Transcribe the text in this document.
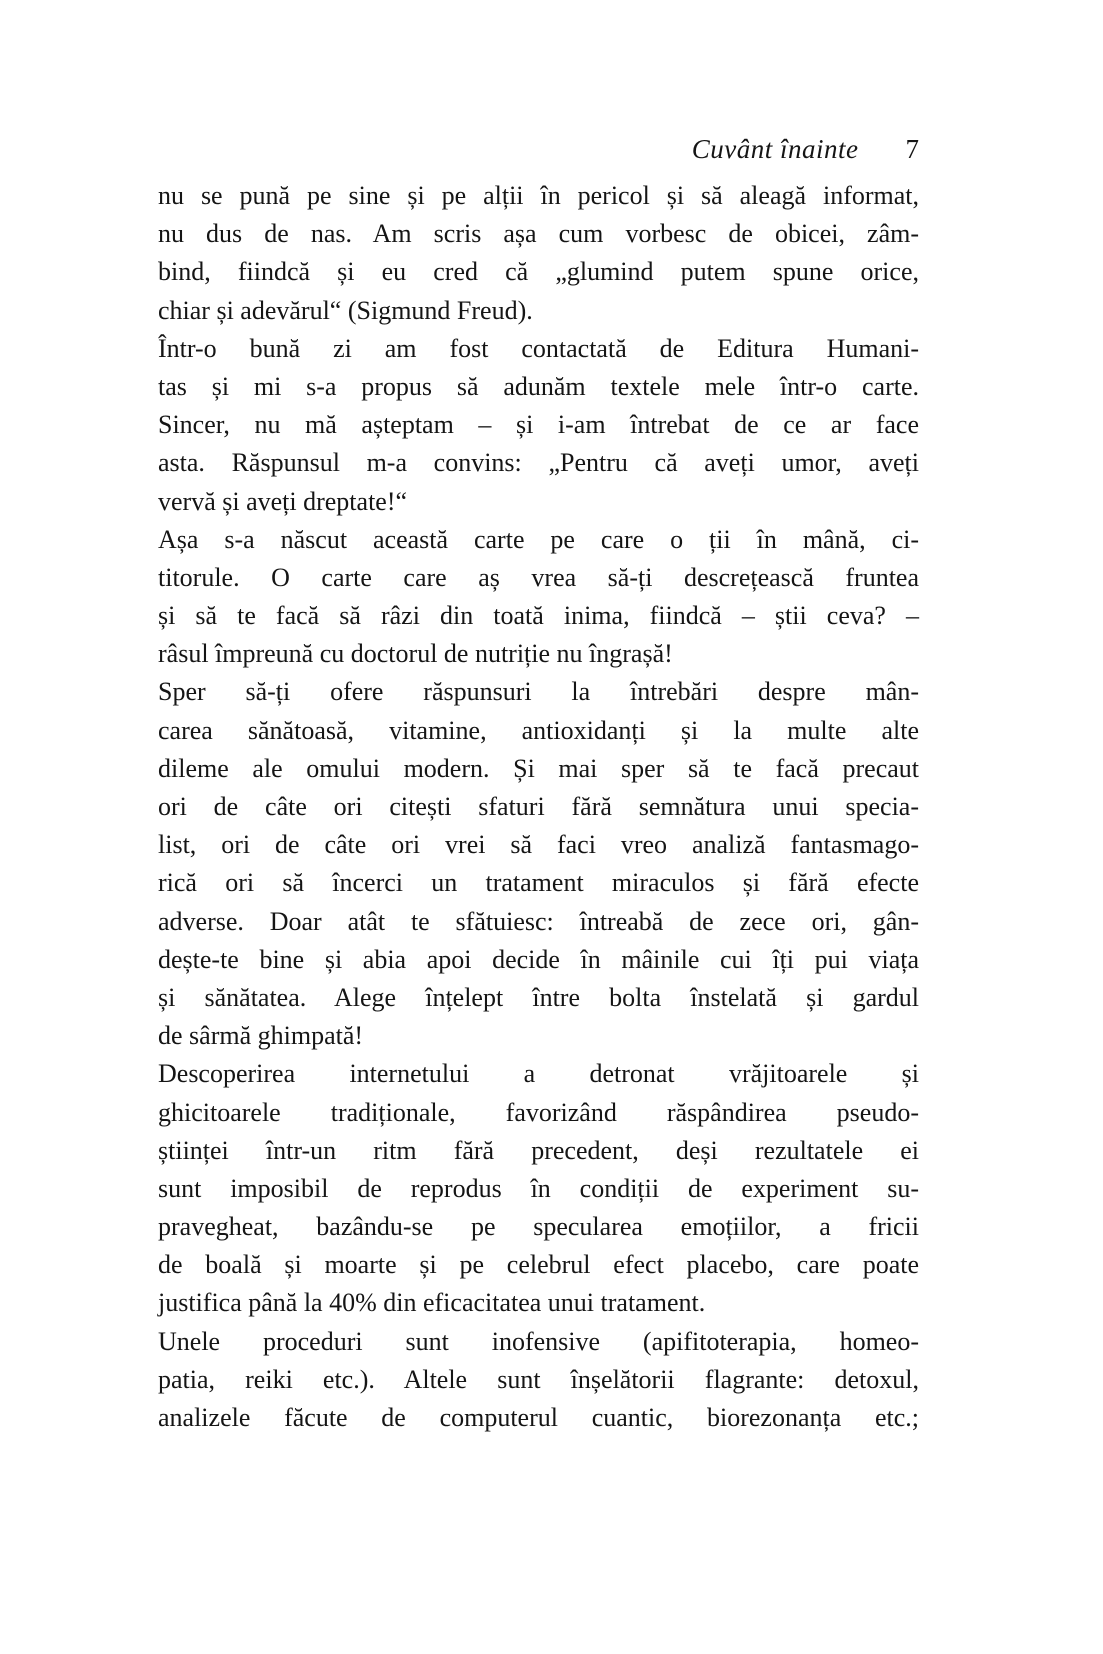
Cuvânt înainte 7
nu se pună pe sine și pe alții în pericol și să aleagă informat,
nu dus de nas. Am scris așa cum vorbesc de obicei, zâm-
bind, fiindcă și eu cred că „glumind putem spune orice,
chiar și adevărul“ (Sigmund Freud).
Într-o bună zi am fost contactată de Editura Humani-
tas și mi s-a propus să adunăm textele mele într-o carte.
Sincer, nu mă așteptam – și i-am întrebat de ce ar face
asta. Răspunsul m-a convins: „Pentru că aveți umor, aveți
vervă și aveți dreptate!“
Așa s-a născut această carte pe care o ții în mână, ci-
titorule. O carte care aș vrea să-ți descrețească fruntea
și să te facă să râzi din toată inima, fiindcă – știi ceva? –
râsul împreună cu doctorul de nutriție nu îngrașă!
Sper să-ți ofere răspunsuri la întrebări despre mân-
carea sănătoasă, vitamine, antioxidanți și la multe alte
dileme ale omului modern. Și mai sper să te facă precaut
ori de câte ori citești sfaturi fără semnătura unui specia-
list, ori de câte ori vrei să faci vreo analiză fantasmago-
rică ori să încerci un tratament miraculos și fără efecte
adverse. Doar atât te sfătuiesc: întreabă de zece ori, gân-
dește-te bine și abia apoi decide în mâinile cui îți pui viața
și sănătatea. Alege înțelept între bolta înstelată și gardul
de sârmă ghimpată!
Descoperirea internetului a detronat vrăjitoarele și
ghicitoarele tradiționale, favorizând răspândirea pseudo-
științei într-un ritm fără precedent, deși rezultatele ei
sunt imposibil de reprodus în condiții de experiment su-
pravegheat, bazându-se pe specularea emoțiilor, a fricii
de boală și moarte și pe celebrul efect placebo, care poate
justifica până la 40% din eficacitatea unui tratament.
Unele proceduri sunt inofensive (apifitoterapia, homeo-
patia, reiki etc.). Altele sunt înșelătorii flagrante: detoxul,
analizele făcute de computerul cuantic, biorezonanța etc.;
